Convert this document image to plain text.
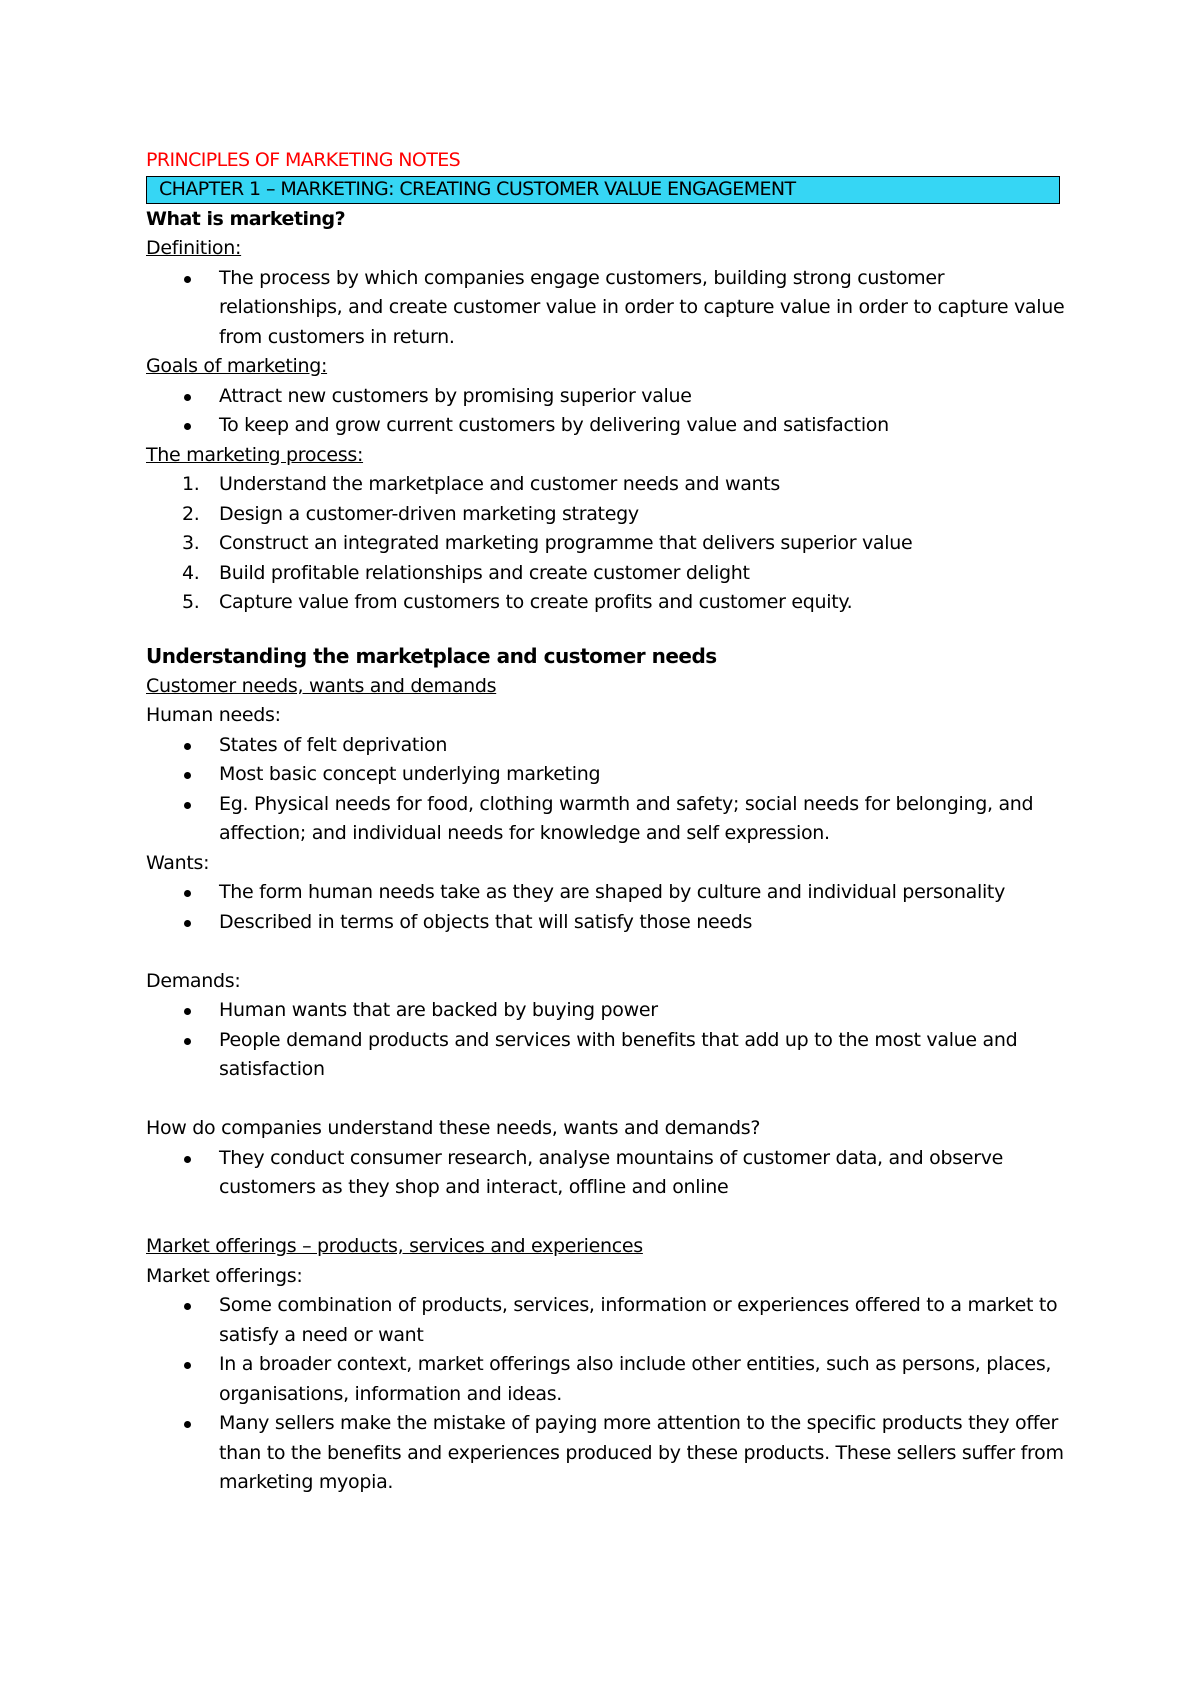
PRINCIPLES OF MARKETING NOTES
CHAPTER 1 – MARKETING: CREATING CUSTOMER VALUE ENGAGEMENT
What is marketing?
Definition:
The process by which companies engage customers, building strong customer relationships, and create customer value in order to capture value in order to capture value from customers in return.
Goals of marketing:
Attract new customers by promising superior value
To keep and grow current customers by delivering value and satisfaction
The marketing process:
1. Understand the marketplace and customer needs and wants
2. Design a customer-driven marketing strategy
3. Construct an integrated marketing programme that delivers superior value
4. Build profitable relationships and create customer delight
5. Capture value from customers to create profits and customer equity.
Understanding the marketplace and customer needs
Customer needs, wants and demands
Human needs:
States of felt deprivation
Most basic concept underlying marketing
Eg. Physical needs for food, clothing warmth and safety; social needs for belonging, and affection; and individual needs for knowledge and self expression.
Wants:
The form human needs take as they are shaped by culture and individual personality
Described in terms of objects that will satisfy those needs
Demands:
Human wants that are backed by buying power
People demand products and services with benefits that add up to the most value and satisfaction
How do companies understand these needs, wants and demands?
They conduct consumer research, analyse mountains of customer data, and observe customers as they shop and interact, offline and online
Market offerings – products, services and experiences
Market offerings:
Some combination of products, services, information or experiences offered to a market to satisfy a need or want
In a broader context, market offerings also include other entities, such as persons, places, organisations, information and ideas.
Many sellers make the mistake of paying more attention to the specific products they offer than to the benefits and experiences produced by these products. These sellers suffer from marketing myopia.
